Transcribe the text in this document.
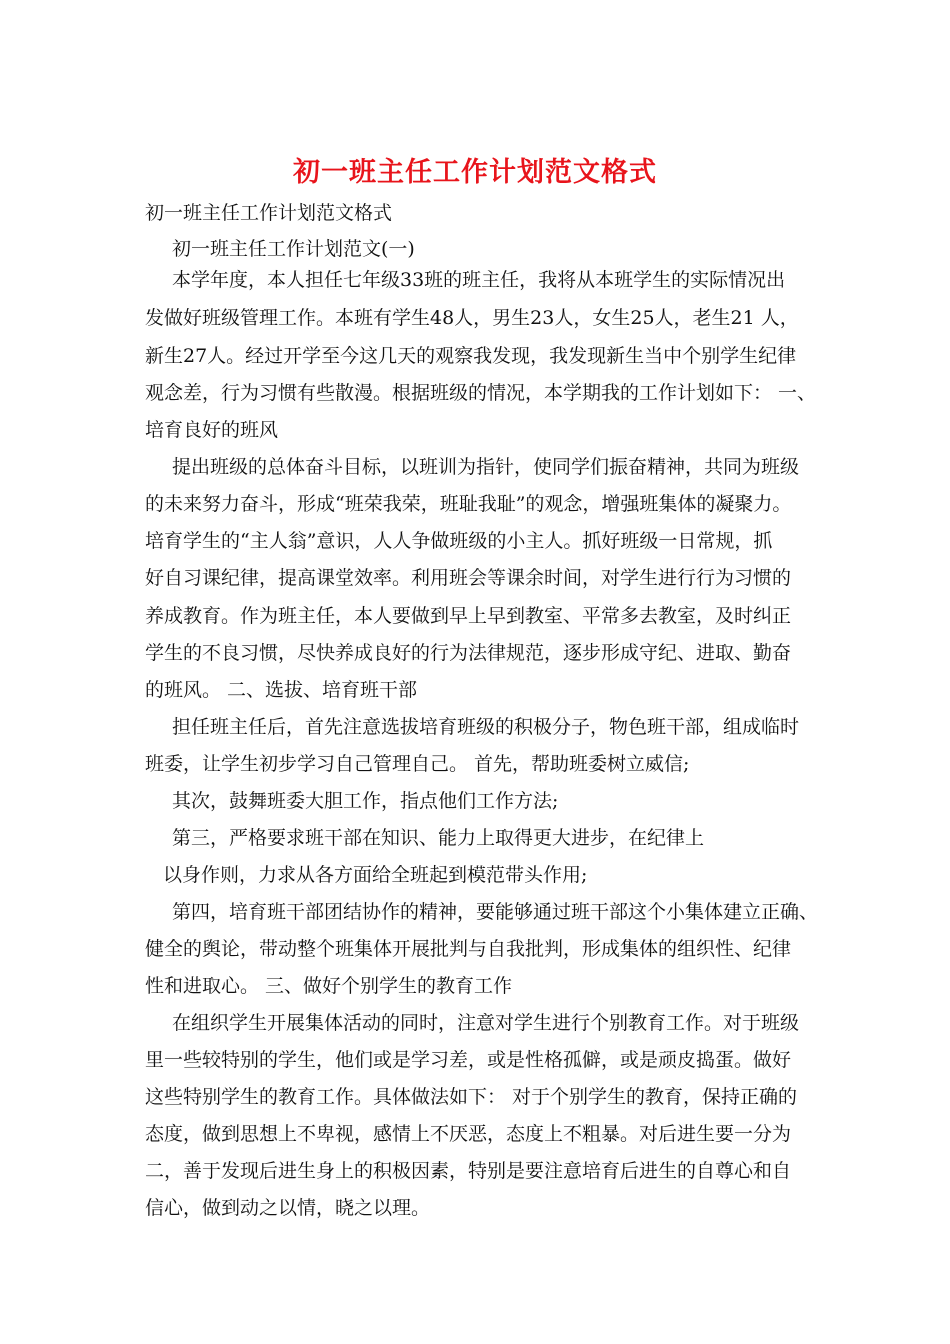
初一班主任工作计划范文格式
初一班主任工作计划范文格式
初一班主任工作计划范文(一)
本学年度，本人担任七年级33班的班主任，我将从本班学生的实际情况出
发做好班级管理工作。本班有学生48人，男生23人，女生25人，老生21 人，
新生27人。经过开学至今这几天的观察我发现，我发现新生当中个别学生纪律
观念差，行为习惯有些散漫。根据班级的情况，本学期我的工作计划如下： 一、
培育良好的班风
提出班级的总体奋斗目标，以班训为指针，使同学们振奋精神，共同为班级
的未来努力奋斗，形成“班荣我荣，班耻我耻”的观念，增强班集体的凝聚力。
培育学生的“主人翁”意识，人人争做班级的小主人。抓好班级一日常规，抓
好自习课纪律，提高课堂效率。利用班会等课余时间，对学生进行行为习惯的
养成教育。作为班主任，本人要做到早上早到教室、平常多去教室，及时纠正
学生的不良习惯，尽快养成良好的行为法律规范，逐步形成守纪、进取、勤奋
的班风。 二、选拔、培育班干部
担任班主任后，首先注意选拔培育班级的积极分子，物色班干部，组成临时
班委，让学生初步学习自己管理自己。 首先，帮助班委树立威信;
其次，鼓舞班委大胆工作，指点他们工作方法;
第三，严格要求班干部在知识、能力上取得更大进步，在纪律上
以身作则，力求从各方面给全班起到模范带头作用;
第四，培育班干部团结协作的精神，要能够通过班干部这个小集体建立正确、
健全的舆论，带动整个班集体开展批判与自我批判，形成集体的组织性、纪律
性和进取心。 三、做好个别学生的教育工作
在组织学生开展集体活动的同时，注意对学生进行个别教育工作。对于班级
里一些较特别的学生，他们或是学习差，或是性格孤僻，或是顽皮捣蛋。做好
这些特别学生的教育工作。具体做法如下： 对于个别学生的教育，保持正确的
态度，做到思想上不卑视，感情上不厌恶，态度上不粗暴。对后进生要一分为
二，善于发现后进生身上的积极因素，特别是要注意培育后进生的自尊心和自
信心，做到动之以情，晓之以理。
